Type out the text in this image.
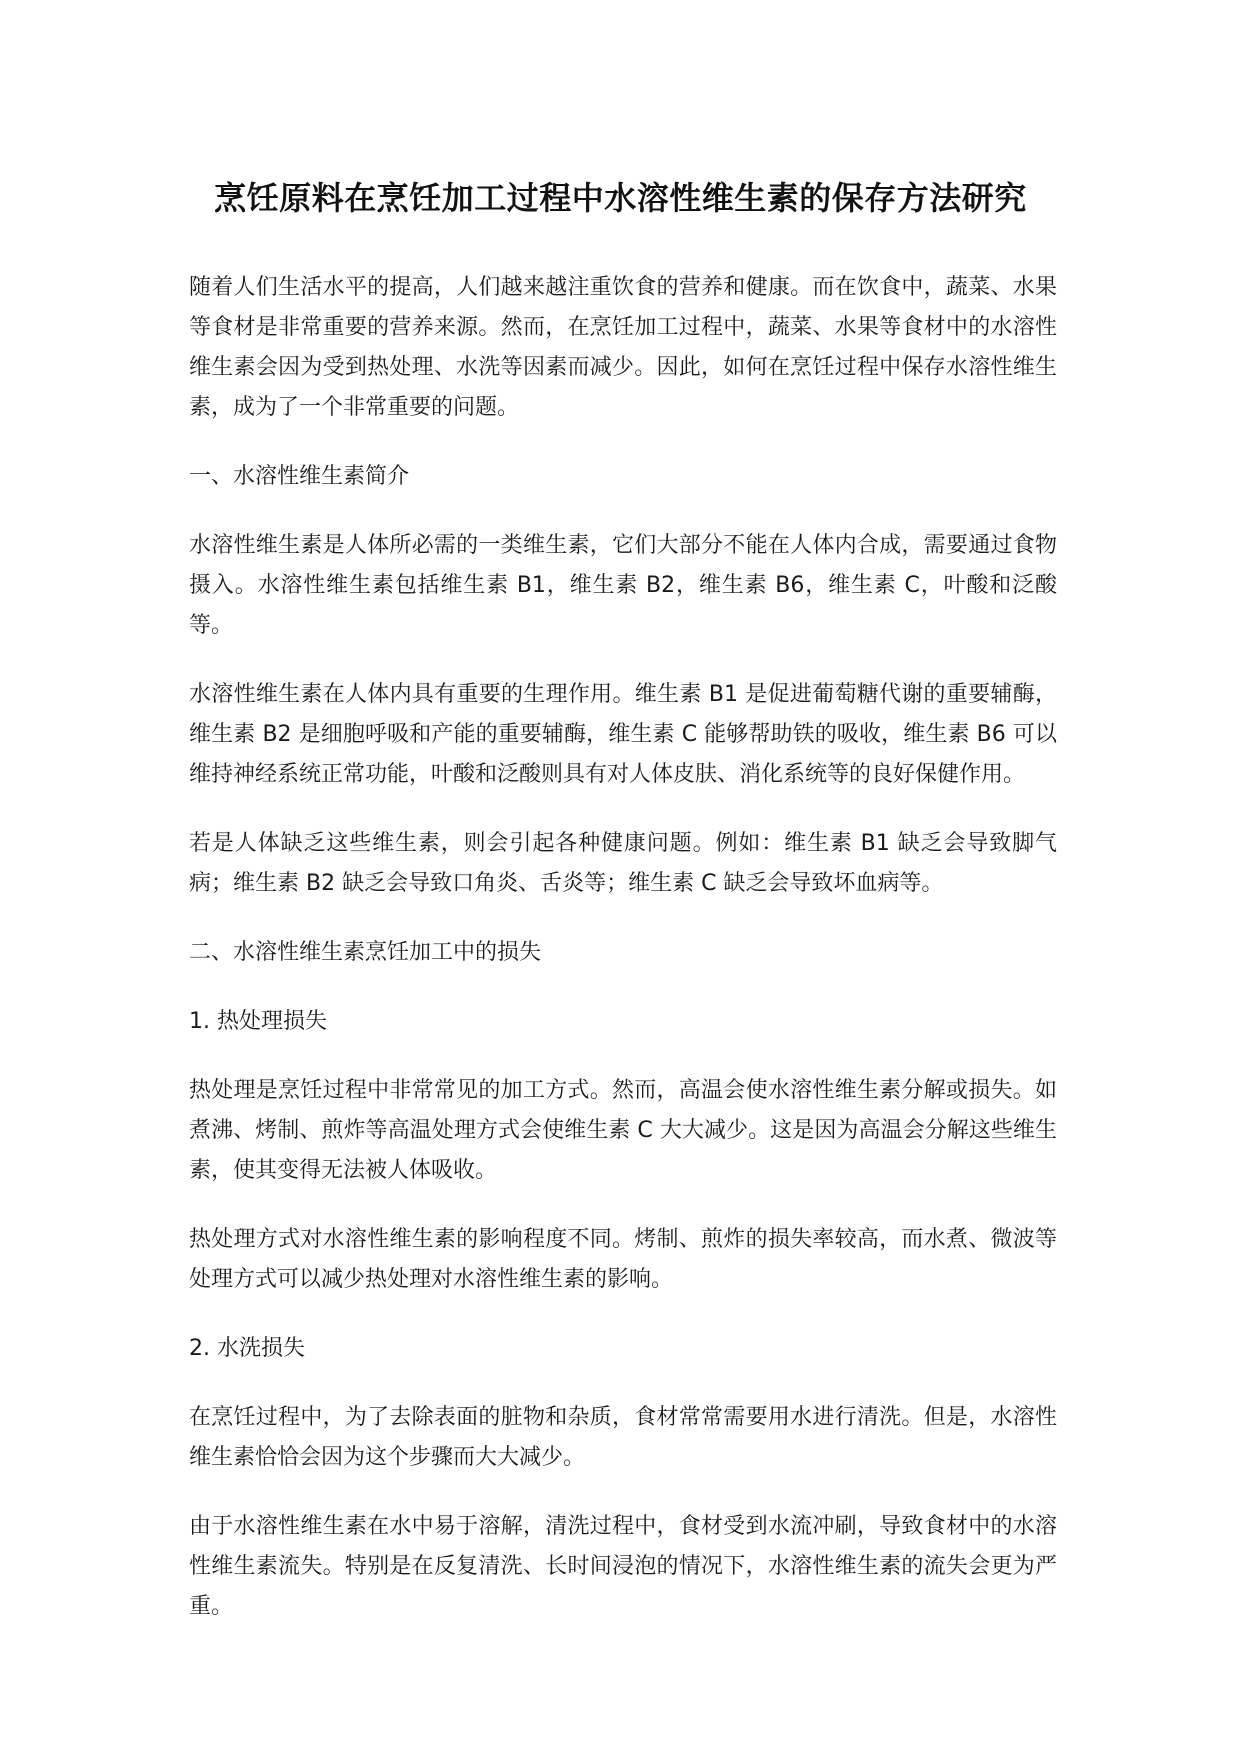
烹饪原料在烹饪加工过程中水溶性维生素的保存方法研究

随着人们生活水平的提高，人们越来越注重饮食的营养和健康。而在饮食中，蔬菜、水果等食材是非常重要的营养来源。然而，在烹饪加工过程中，蔬菜、水果等食材中的水溶性维生素会因为受到热处理、水洗等因素而减少。因此，如何在烹饪过程中保存水溶性维生素，成为了一个非常重要的问题。

一、水溶性维生素简介

水溶性维生素是人体所必需的一类维生素，它们大部分不能在人体内合成，需要通过食物摄入。水溶性维生素包括维生素 B1，维生素 B2，维生素 B6，维生素 C，叶酸和泛酸等。

水溶性维生素在人体内具有重要的生理作用。维生素 B1 是促进葡萄糖代谢的重要辅酶，维生素 B2 是细胞呼吸和产能的重要辅酶，维生素 C 能够帮助铁的吸收，维生素 B6 可以维持神经系统正常功能，叶酸和泛酸则具有对人体皮肤、消化系统等的良好保健作用。

若是人体缺乏这些维生素，则会引起各种健康问题。例如：维生素 B1 缺乏会导致脚气病；维生素 B2 缺乏会导致口角炎、舌炎等；维生素 C 缺乏会导致坏血病等。

二、水溶性维生素烹饪加工中的损失

1. 热处理损失

热处理是烹饪过程中非常常见的加工方式。然而，高温会使水溶性维生素分解或损失。如煮沸、烤制、煎炸等高温处理方式会使维生素 C 大大减少。这是因为高温会分解这些维生素，使其变得无法被人体吸收。

热处理方式对水溶性维生素的影响程度不同。烤制、煎炸的损失率较高，而水煮、微波等处理方式可以减少热处理对水溶性维生素的影响。

2. 水洗损失

在烹饪过程中，为了去除表面的脏物和杂质，食材常常需要用水进行清洗。但是，水溶性维生素恰恰会因为这个步骤而大大减少。

由于水溶性维生素在水中易于溶解，清洗过程中，食材受到水流冲刷，导致食材中的水溶性维生素流失。特别是在反复清洗、长时间浸泡的情况下，水溶性维生素的流失会更为严重。
